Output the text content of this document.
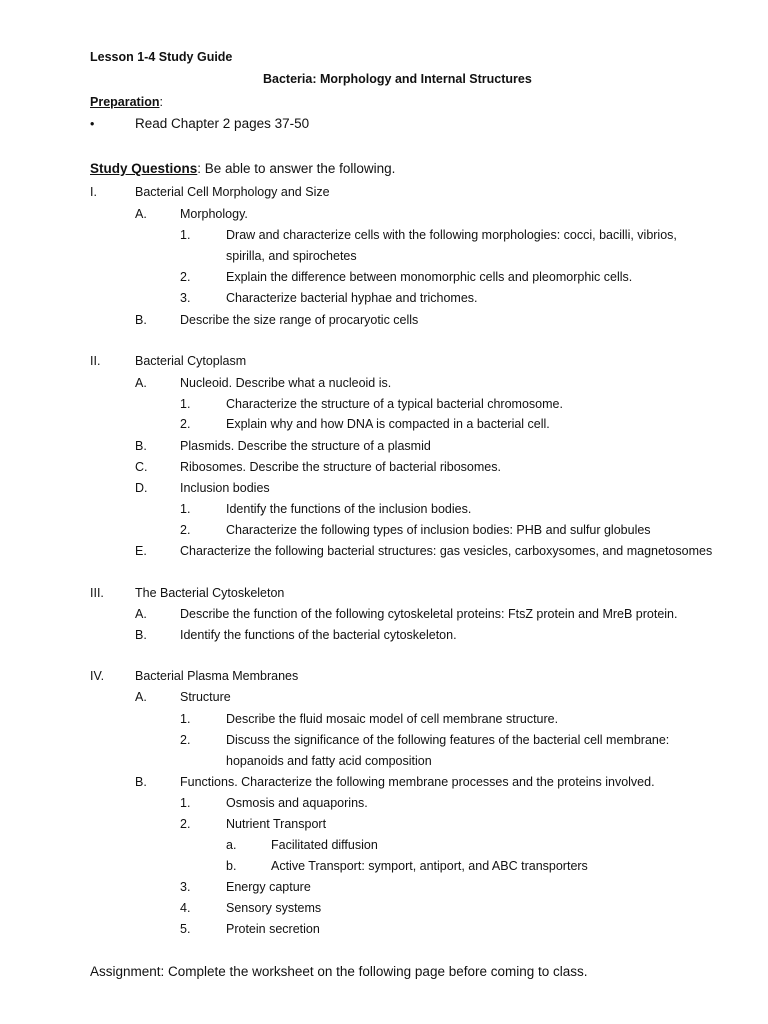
Lesson 1-4 Study Guide
Bacteria: Morphology and Internal Structures
Preparation:
•	Read Chapter 2 pages 37-50
Study Questions: Be able to answer the following.
I.	Bacterial Cell Morphology and Size
A.	Morphology.
1.	Draw and characterize cells with the following morphologies: cocci, bacilli, vibrios,
spirilla, and spirochetes
2.	Explain the difference between monomorphic cells and pleomorphic cells.
3.	Characterize bacterial hyphae and trichomes.
B.	Describe the size range of procaryotic cells
II.	Bacterial Cytoplasm
A.	Nucleoid. Describe what a nucleoid is.
1.	Characterize the structure of a typical bacterial chromosome.
2.	Explain why and how DNA is compacted in a bacterial cell.
B.	Plasmids. Describe the structure of a plasmid
C.	Ribosomes. Describe the structure of bacterial ribosomes.
D.	Inclusion bodies
1.	Identify the functions of the inclusion bodies.
2.	Characterize the following types of inclusion bodies: PHB and sulfur globules
E.	Characterize the following bacterial structures: gas vesicles, carboxysomes, and magnetosomes
III. The Bacterial Cytoskeleton
A.	Describe the function of the following cytoskeletal proteins: FtsZ protein and MreB protein.
B.	Identify the functions of the bacterial cytoskeleton.
IV. Bacterial Plasma Membranes
A.	Structure
1.	Describe the fluid mosaic model of cell membrane structure.
2.	Discuss the significance of the following features of the bacterial cell membrane:
hopanoids and fatty acid composition
B.	Functions. Characterize the following membrane processes and the proteins involved.
1.	Osmosis and aquaporins.
2.	Nutrient Transport
a.	Facilitated diffusion
b.	Active Transport: symport, antiport, and ABC transporters
3.	Energy capture
4.	Sensory systems
5.	Protein secretion
Assignment: Complete the worksheet on the following page before coming to class.
